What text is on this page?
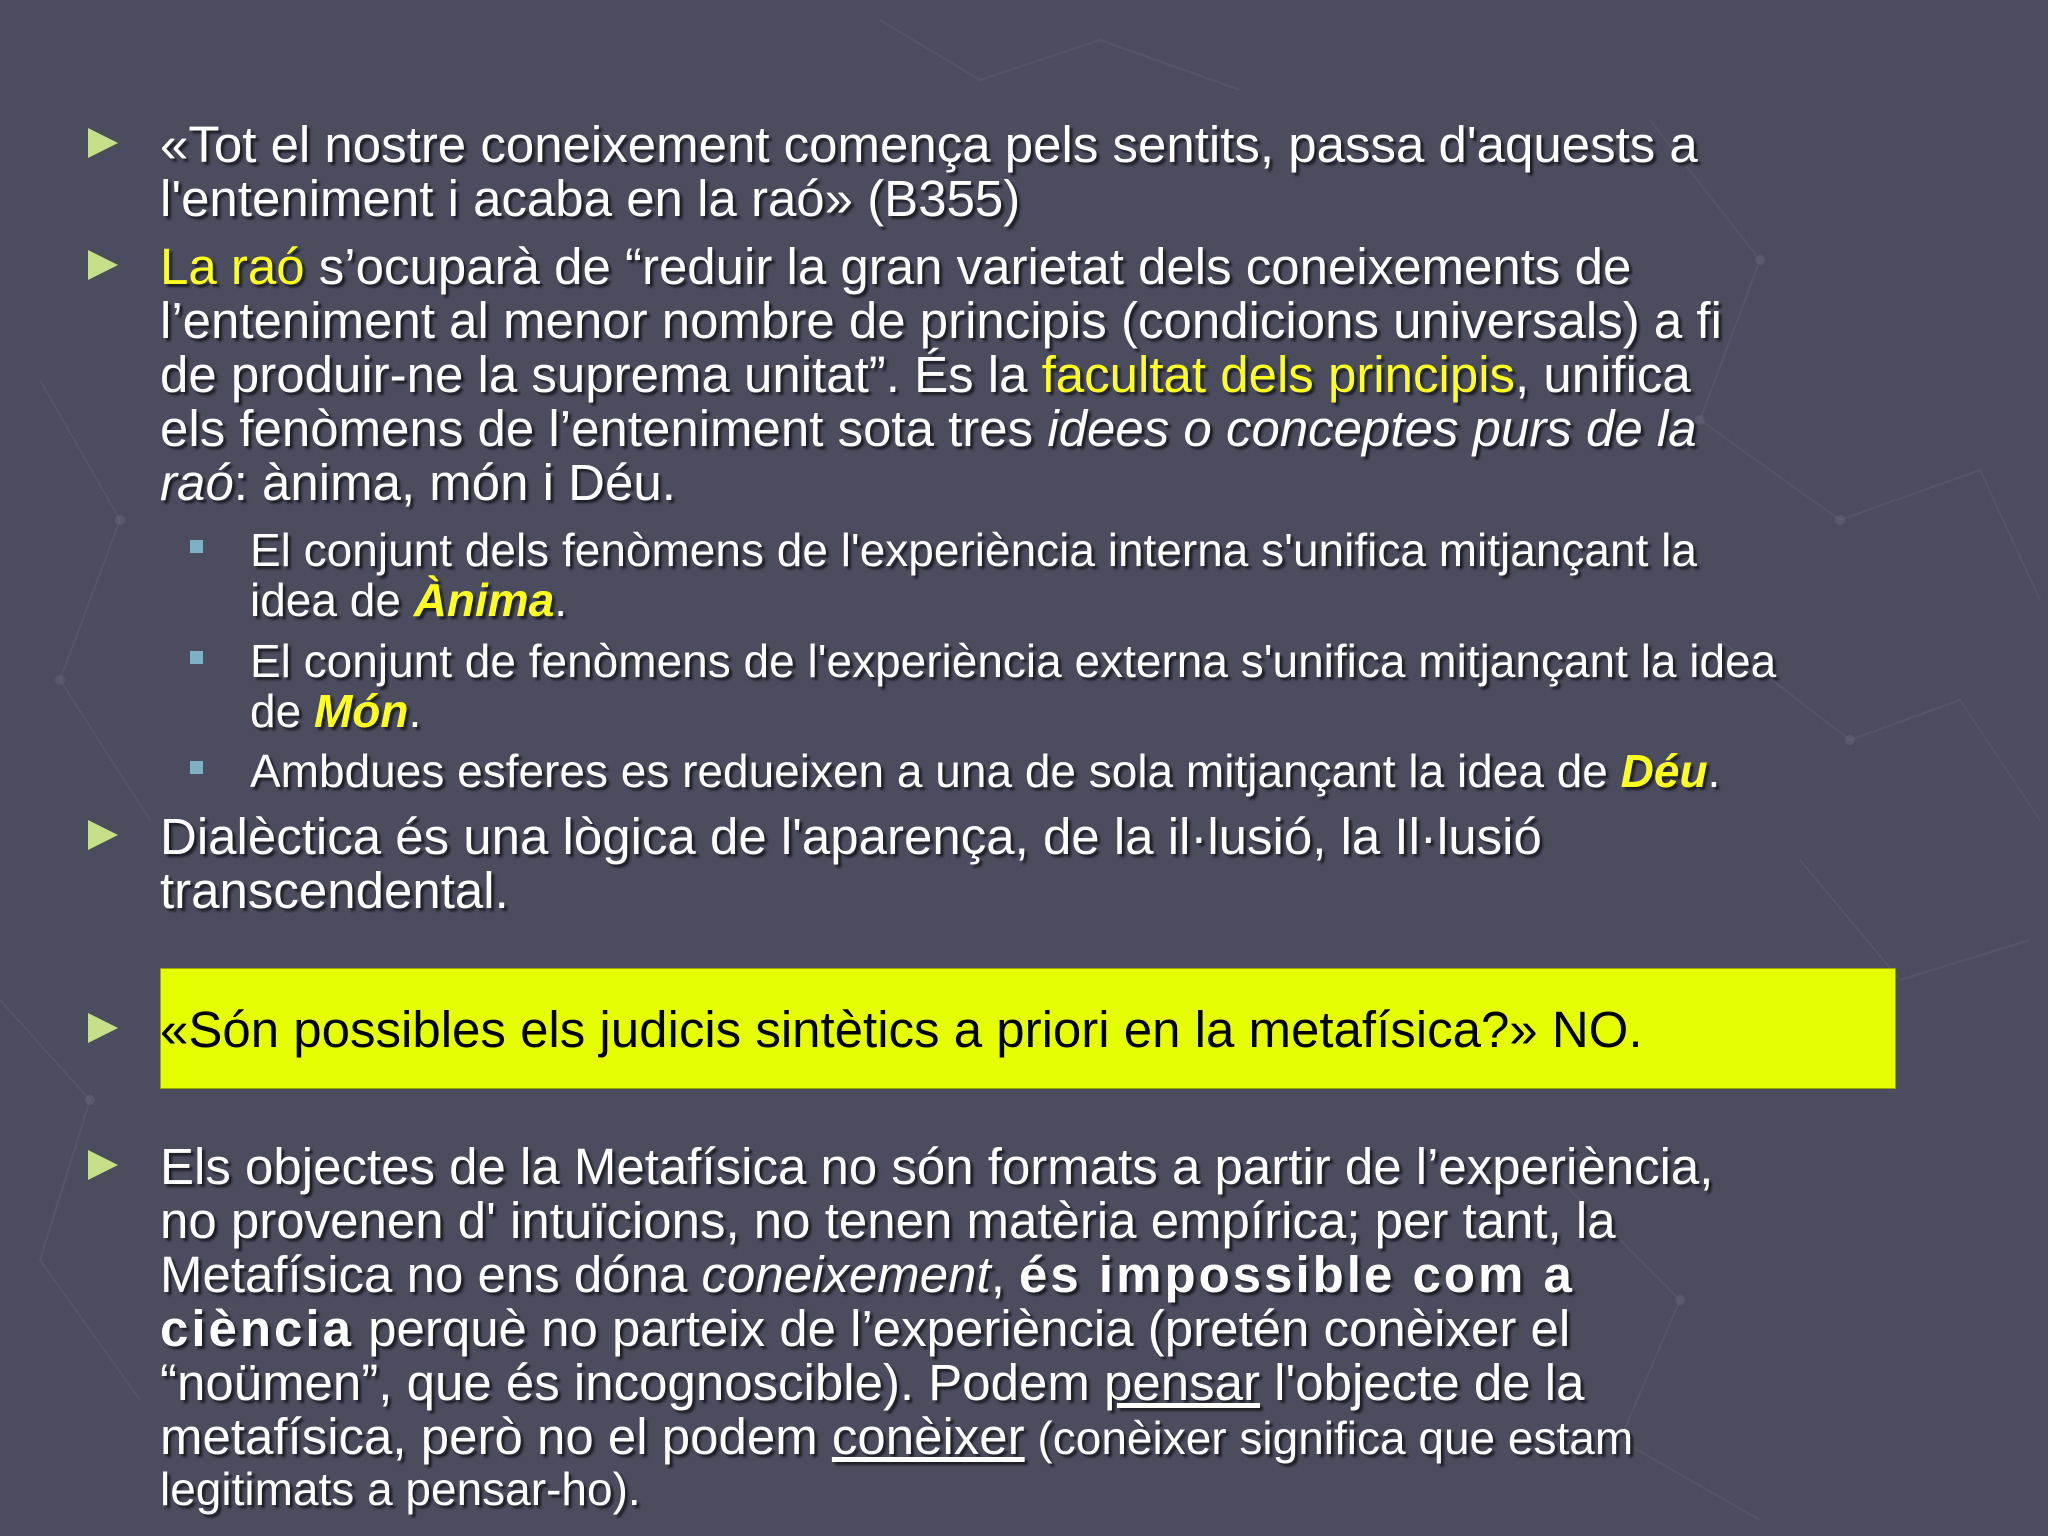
«Tot el nostre coneixement comença pels sentits, passa d'aquests a
l'enteniment i acaba en la raó» (B355)
La raó s’ocuparà de “reduir la gran varietat dels coneixements de
l’enteniment al menor nombre de principis (condicions universals) a fi
de produir-ne la suprema unitat”. És la facultat dels principis, unifica
els fenòmens de l’enteniment sota tres idees o conceptes purs de la
raó: ànima, món i Déu.
El conjunt dels fenòmens de l'experiència interna s'unifica mitjançant la
idea de Ànima.
El conjunt de fenòmens de l'experiència externa s'unifica mitjançant la idea
de Món.
Ambdues esferes es redueixen a una de sola mitjançant la idea de Déu.
Dialèctica és una lògica de l'aparença, de la il·lusió, la Il·lusió
transcendental.
«Són possibles els judicis sintètics a priori en la metafísica?» NO.
Els objectes de la Metafísica no són formats a partir de l’experiència,
no provenen d' intuïcions, no tenen matèria empírica; per tant, la
Metafísica no ens dóna coneixement, és impossible com a
ciència perquè no parteix de l’experiència (pretén conèixer el
“noümen”, que és incognoscible). Podem pensar l'objecte de la
metafísica, però no el podem conèixer (conèixer significa que estam
legitimats a pensar-ho).
